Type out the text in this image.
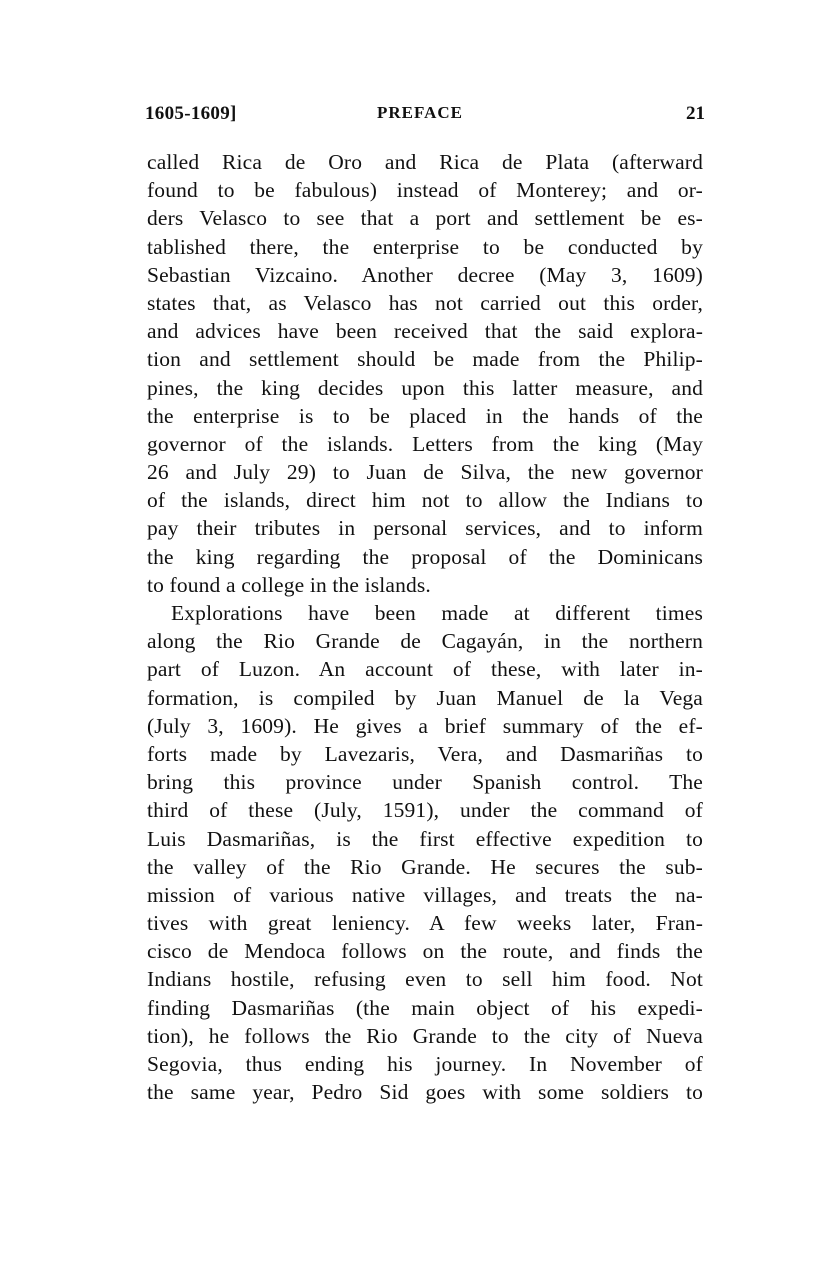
1605-1609]	PREFACE	21
called Rica de Oro and Rica de Plata (afterward
found to be fabulous) instead of Monterey; and or-
ders Velasco to see that a port and settlement be es-
tablished there, the enterprise to be conducted by
Sebastian Vizcaino. Another decree (May 3, 1609)
states that, as Velasco has not carried out this order,
and advices have been received that the said explora-
tion and settlement should be made from the Philip-
pines, the king decides upon this latter measure, and
the enterprise is to be placed in the hands of the
governor of the islands. Letters from the king (May
26 and July 29) to Juan de Silva, the new governor
of the islands, direct him not to allow the Indians to
pay their tributes in personal services, and to inform
the king regarding the proposal of the Dominicans
to found a college in the islands.
Explorations have been made at different times
along the Rio Grande de Cagayán, in the northern
part of Luzon. An account of these, with later in-
formation, is compiled by Juan Manuel de la Vega
(July 3, 1609). He gives a brief summary of the ef-
forts made by Lavezaris, Vera, and Dasmariñas to
bring this province under Spanish control. The
third of these (July, 1591), under the command of
Luis Dasmariñas, is the first effective expedition to
the valley of the Rio Grande. He secures the sub-
mission of various native villages, and treats the na-
tives with great leniency. A few weeks later, Fran-
cisco de Mendoca follows on the route, and finds the
Indians hostile, refusing even to sell him food. Not
finding Dasmariñas (the main object of his expedi-
tion), he follows the Rio Grande to the city of Nueva
Segovia, thus ending his journey. In November of
the same year, Pedro Sid goes with some soldiers to
